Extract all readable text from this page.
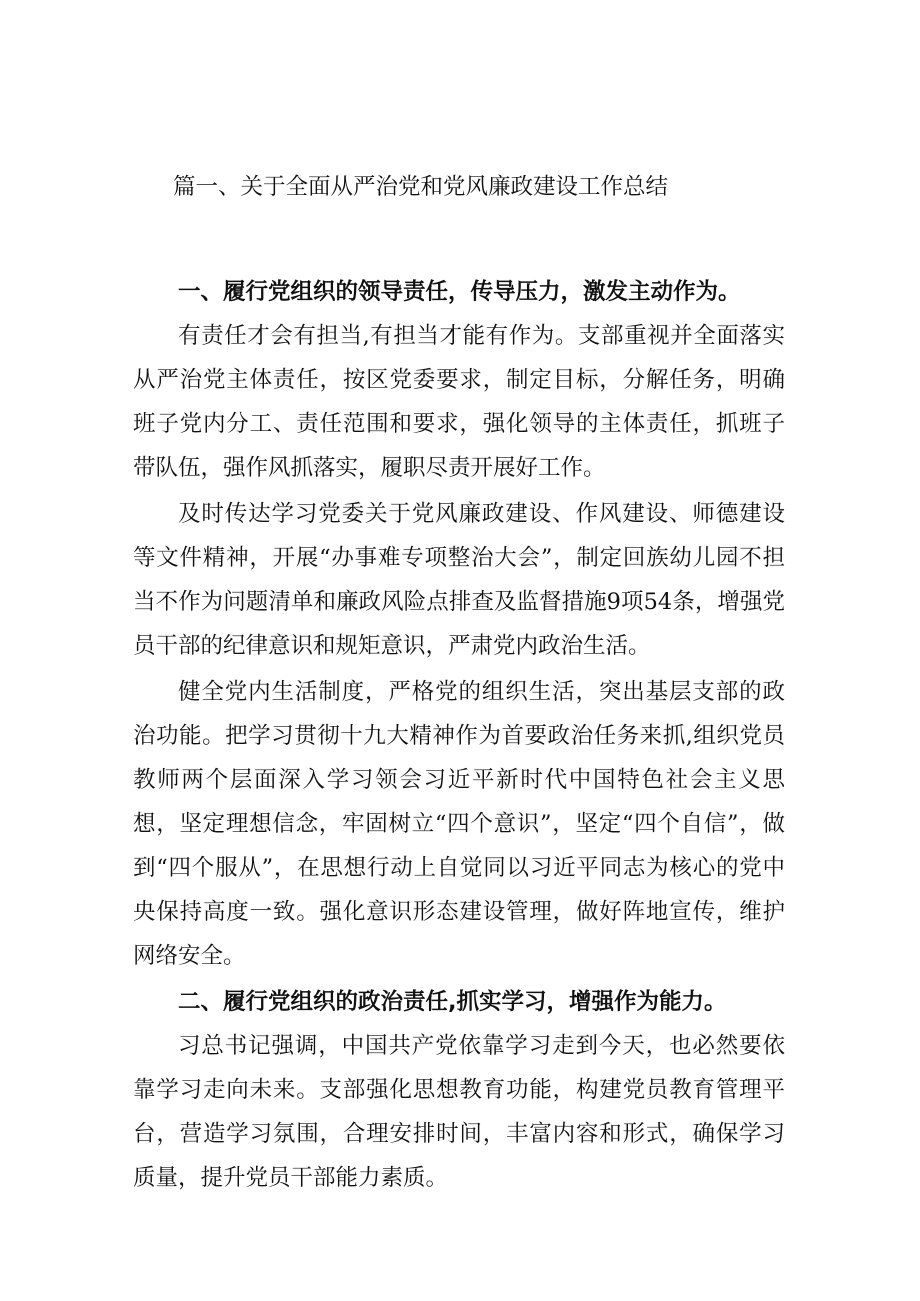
篇一、关于全面从严治党和党风廉政建设工作总结
一、履行党组织的领导责任，传导压力，激发主动作为。

有责任才会有担当,有担当才能有作为。支部重视并全面落实从严治党主体责任，按区党委要求，制定目标，分解任务，明确班子党内分工、责任范围和要求，强化领导的主体责任，抓班子带队伍，强作风抓落实，履职尽责开展好工作。

及时传达学习党委关于党风廉政建设、作风建设、师德建设等文件精神，开展“办事难专项整治大会”，制定回族幼儿园不担当不作为问题清单和廉政风险点排查及监督措施9项54条，增强党员干部的纪律意识和规矩意识，严肃党内政治生活。

健全党内生活制度，严格党的组织生活，突出基层支部的政治功能。把学习贯彻十九大精神作为首要政治任务来抓,组织党员教师两个层面深入学习领会习近平新时代中国特色社会主义思想，坚定理想信念，牢固树立“四个意识”，坚定“四个自信”，做到“四个服从”，在思想行动上自觉同以习近平同志为核心的党中央保持高度一致。强化意识形态建设管理，做好阵地宣传，维护网络安全。

二、履行党组织的政治责任,抓实学习，增强作为能力。

习总书记强调，中国共产党依靠学习走到今天，也必然要依靠学习走向未来。支部强化思想教育功能，构建党员教育管理平台，营造学习氛围，合理安排时间，丰富内容和形式，确保学习质量，提升党员干部能力素质。
